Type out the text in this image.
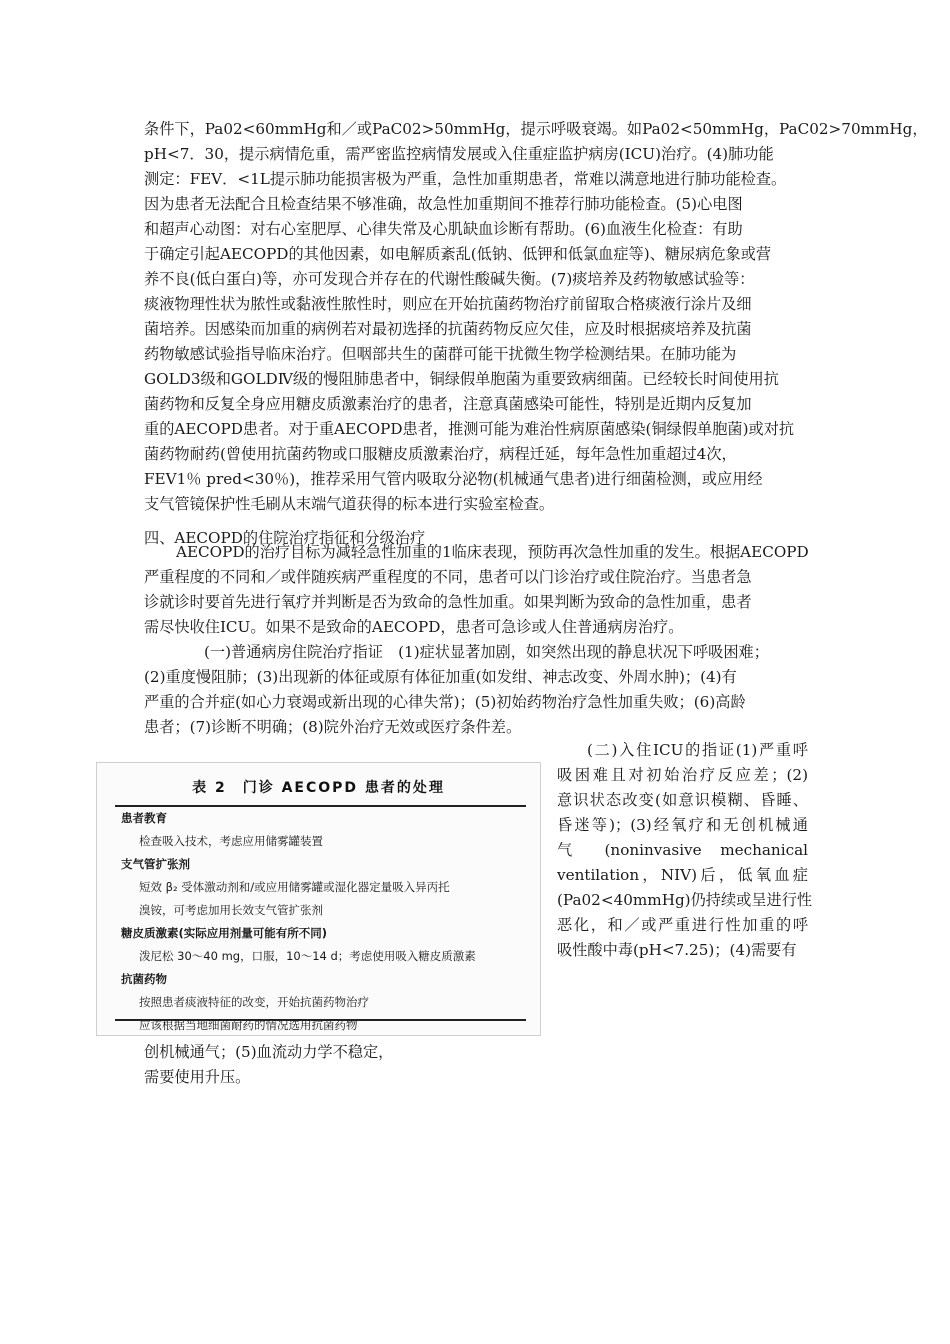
条件下，Pa02<60mmHg和／或PaC02>50mmHg，提示呼吸衰竭。如Pa02<50mmHg，PaC02>70mmHg，
pH<7．30，提示病情危重，需严密监控病情发展或入住重症监护病房(ICU)治疗。(4)肺功能
测定：FEV．<1L提示肺功能损害极为严重，急性加重期患者，常难以满意地进行肺功能检查。
因为患者无法配合且检查结果不够准确，故急性加重期间不推荐行肺功能检查。(5)心电图
和超声心动图：对右心室肥厚、心律失常及心肌缺血诊断有帮助。(6)血液生化检查：有助
于确定引起AECOPD的其他因素，如电解质紊乱(低钠、低钾和低氯血症等)、糖尿病危象或营
养不良(低白蛋白)等，亦可发现合并存在的代谢性酸碱失衡。(7)痰培养及药物敏感试验等：
痰液物理性状为脓性或黏液性脓性时，则应在开始抗菌药物治疗前留取合格痰液行涂片及细
菌培养。因感染而加重的病例若对最初选择的抗菌药物反应欠佳，应及时根据痰培养及抗菌
药物敏感试验指导临床治疗。但咽部共生的菌群可能干扰微生物学检测结果。在肺功能为
GOLD3级和GOLDⅣ级的慢阻肺患者中，铜绿假单胞菌为重要致病细菌。已经较长时间使用抗
菌药物和反复全身应用糖皮质激素治疗的患者，注意真菌感染可能性，特别是近期内反复加
重的AECOPD患者。对于重AECOPD患者，推测可能为难治性病原菌感染(铜绿假单胞菌)或对抗
菌药物耐药(曾使用抗菌药物或口服糖皮质激素治疗，病程迁延，每年急性加重超过4次，
FEV1％ pred<30％)，推荐采用气管内吸取分泌物(机械通气患者)进行细菌检测，或应用经
支气管镜保护性毛刷从末端气道获得的标本进行实验室检查。
四、AECOPD的住院治疗指征和分级治疗
AECOPD的治疗目标为减轻急性加重的1临床表现，预防再次急性加重的发生。根据AECOPD
严重程度的不同和／或伴随疾病严重程度的不同，患者可以门诊治疗或住院治疗。当患者急
诊就诊时要首先进行氧疗并判断是否为致命的急性加重。如果判断为致命的急性加重，患者
需尽快收住ICU。如果不是致命的AECOPD，患者可急诊或人住普通病房治疗。
(一)普通病房住院治疗指证　(1)症状显著加剧，如突然出现的静息状况下呼吸困难；
(2)重度慢阻肺；(3)出现新的体征或原有体征加重(如发绀、神志改变、外周水肿)；(4)有
严重的合并症(如心力衰竭或新出现的心律失常)；(5)初始药物治疗急性加重失败；(6)高龄
患者；(7)诊断不明确；(8)院外治疗无效或医疗条件差。
(二)入住ICU的指证(1)严重呼
吸困难且对初始治疗反应差；(2)
意识状态改变(如意识模糊、昏睡、
昏迷等)；(3)经氧疗和无创机械通
气 (noninvasive mechanical
ventilation，NIV)后，低氧血症
(Pa02<40mmHg)仍持续或呈进行性
恶化，和／或严重进行性加重的呼
吸性酸中毒(pH<7.25)；(4)需要有
表 2　门诊 AECOPD 患者的处理
患者教育
检查吸入技术，考虑应用储雾罐装置
支气管扩张剂
短效 β₂ 受体激动剂和/或应用储雾罐或湿化器定量吸入异丙托
溴铵，可考虑加用长效支气管扩张剂
糖皮质激素(实际应用剂量可能有所不同)
泼尼松 30～40 mg，口服，10～14 d；考虑使用吸入糖皮质激素
抗菌药物
按照患者痰液特征的改变，开始抗菌药物治疗
应该根据当地细菌耐药的情况选用抗菌药物
创机械通气；(5)血流动力学不稳定，
需要使用升压。
